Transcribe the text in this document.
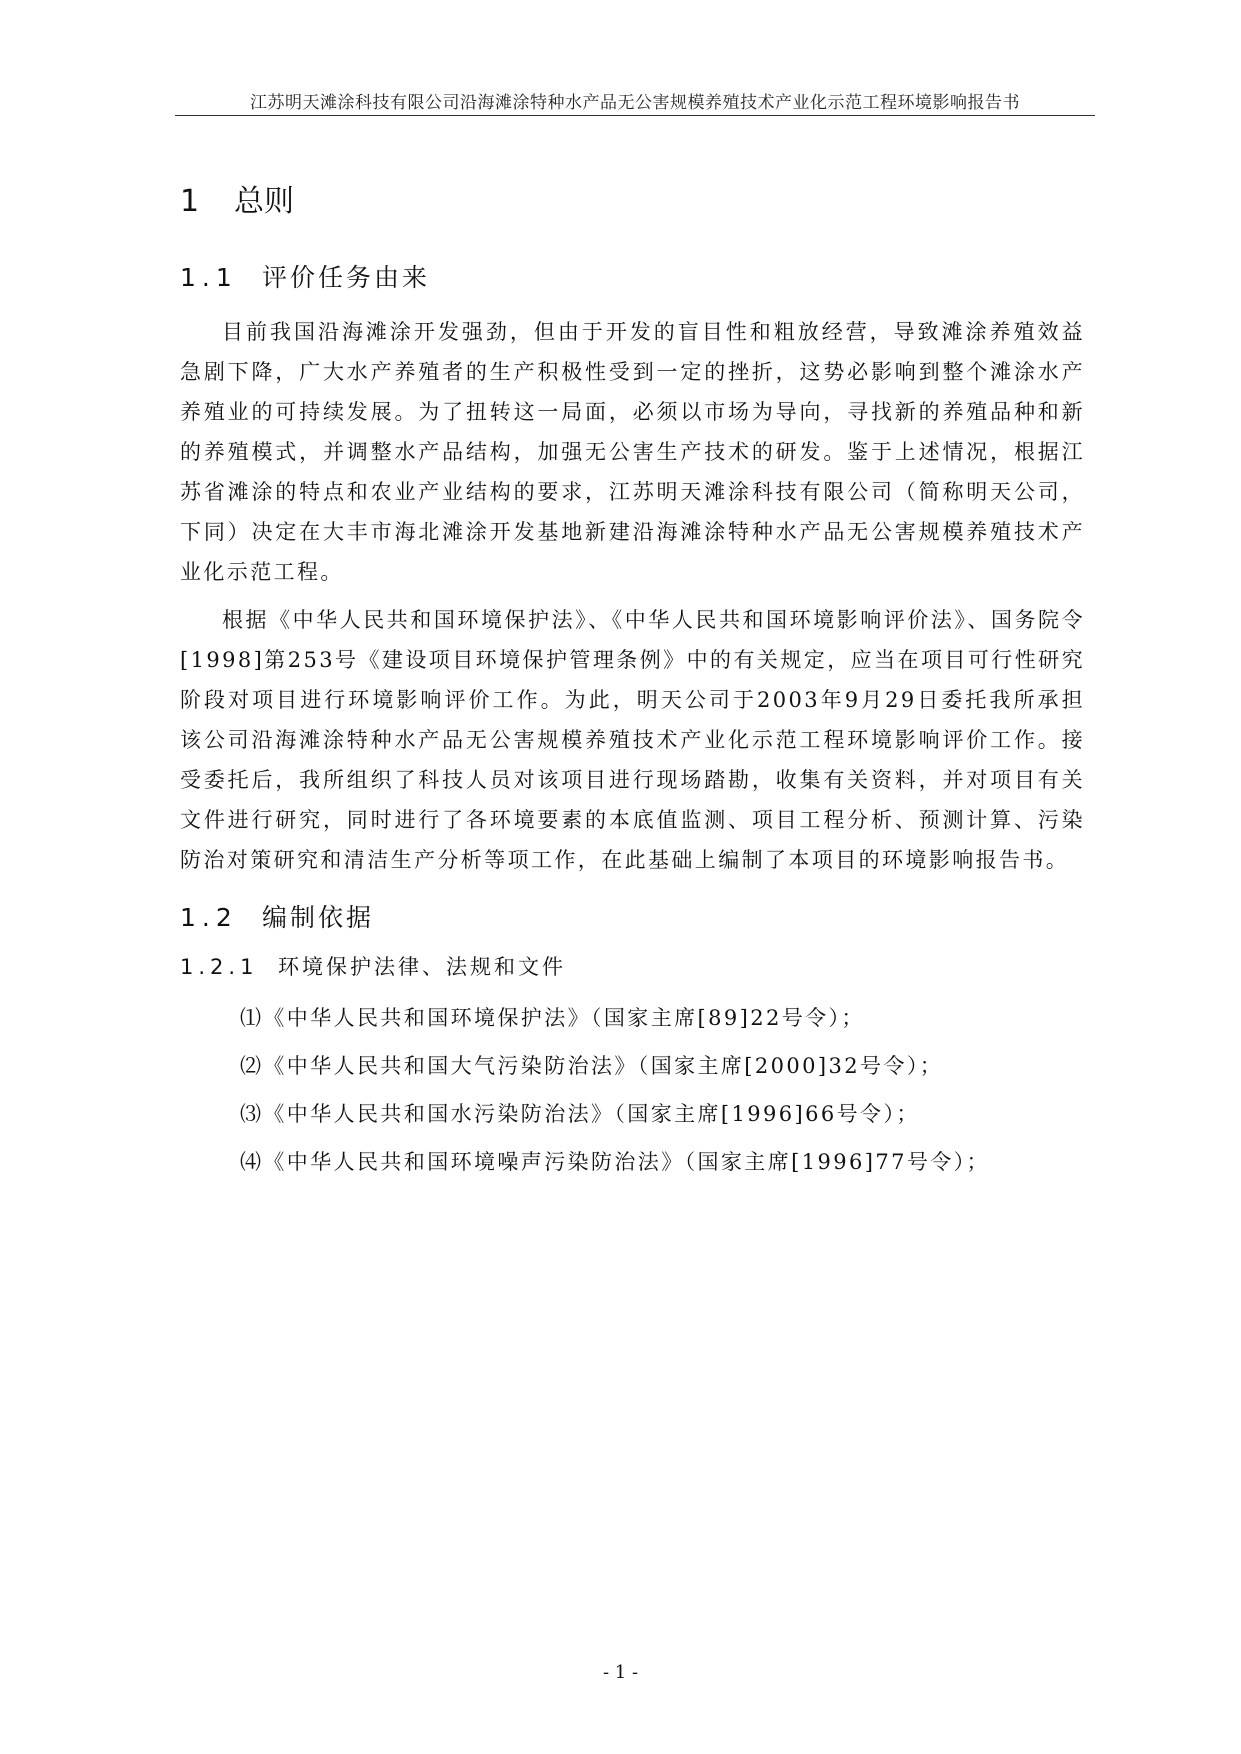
江苏明天滩涂科技有限公司沿海滩涂特种水产品无公害规模养殖技术产业化示范工程环境影响报告书
1 总则
1.1 评价任务由来

目前我国沿海滩涂开发强劲，但由于开发的盲目性和粗放经营，导致滩涂养殖效益急剧下降，广大水产养殖者的生产积极性受到一定的挫折，这势必影响到整个滩涂水产养殖业的可持续发展。为了扭转这一局面，必须以市场为导向，寻找新的养殖品种和新的养殖模式，并调整水产品结构，加强无公害生产技术的研发。鉴于上述情况，根据江苏省滩涂的特点和农业产业结构的要求，江苏明天滩涂科技有限公司（简称明天公司，下同）决定在大丰市海北滩涂开发基地新建沿海滩涂特种水产品无公害规模养殖技术产业化示范工程。

根据《中华人民共和国环境保护法》、《中华人民共和国环境影响评价法》、国务院令[1998]第253号《建设项目环境保护管理条例》中的有关规定，应当在项目可行性研究阶段对项目进行环境影响评价工作。为此，明天公司于2003年9月29日委托我所承担该公司沿海滩涂特种水产品无公害规模养殖技术产业化示范工程环境影响评价工作。接受委托后，我所组织了科技人员对该项目进行现场踏勘，收集有关资料，并对项目有关文件进行研究，同时进行了各环境要素的本底值监测、项目工程分析、预测计算、污染防治对策研究和清洁生产分析等项工作，在此基础上编制了本项目的环境影响报告书。

1.2 编制依据
1.2.1 环境保护法律、法规和文件

⑴《中华人民共和国环境保护法》（国家主席[89]22号令）；

⑵《中华人民共和国大气污染防治法》（国家主席[2000]32号令）；

⑶《中华人民共和国水污染防治法》（国家主席[1996]66号令）；

⑷《中华人民共和国环境噪声污染防治法》（国家主席[1996]77号令）；

- 1 -
